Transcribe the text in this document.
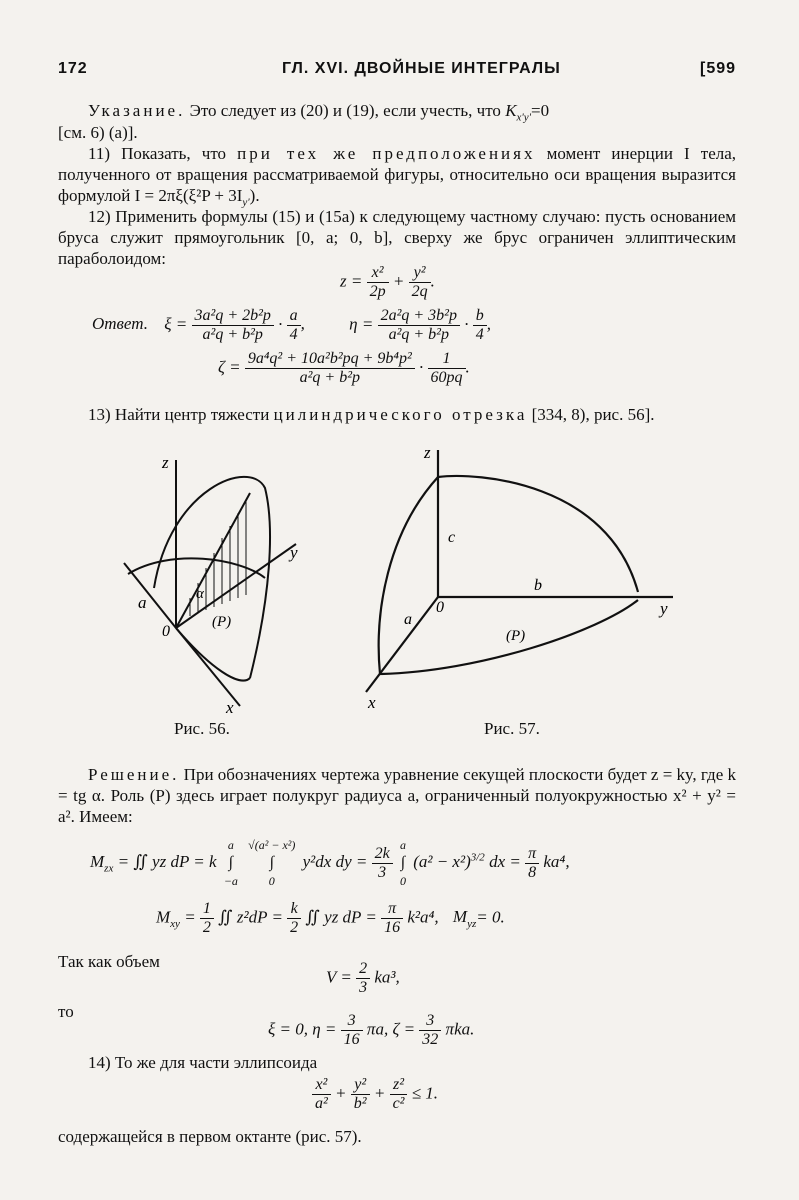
172	ГЛ. XVI. ДВОЙНЫЕ ИНТЕГРАЛЫ	[599

Указание. Это следует из (20) и (19), если учесть, что $K_{x'y'}=0$

[см. 6) (а)].

11) Показать, что при тех же предположениях момент инерции I тела, полученного от вращения рассматриваемой фигуры, относительно оси вращения выразится формулой $I = 2\pi\xi(\xi^2P + 3I_{y'})$.

12) Применить формулы (15) и (15a) к следующему частному случаю: пусть основанием бруса служит прямоугольник [0, a; 0, b], сверху же брус ограничен эллиптическим параболоидом:
$z = \frac{\text{x²}}{2p} + \frac{\text{y²}}{2q}$ .
Ответ. $\xi = \frac{\text{3a²q + 2b²p}}{\text{a²q + b²p}} \cdot \frac{a}{4}$ ,	$\eta = \frac{\text{2a²q + 3b²p}}{\text{a²q + b²p}} \cdot \frac{b}{4}$ ,
$\zeta = \frac{\text{9a⁴q² + 10a²b²pq + 9b⁴p²}}{\text{a²q + b²p}} \cdot \frac{1}{60pq}$ .

13) Найти центр тяжести цилиндрического отрезка [334, 8), рис. 56].

z
y
x
a
0
α
(P)
Рис. 56.
z
y
x
c
b
a
0
(P)
Рис. 57.

Решение. При обозначениях чертежа уравнение секущей плоскости будет z = ky, где k = tg α. Роль (P) здесь играет полукруг радиуса a, ограниченный полуокружностью x² + y² = a². Имеем:

$M_{zx}$ = ∬ yz dP = k
a
∫
−a

√(a² − x²)
∫
0
y²dx dy = $\frac{2k}{3}$
a
∫
0
$(a^2 - x^2)^{3/2}$ dx = $\frac{\pi}{8} ka^4$,
$M_{xy} = \frac{1}{2}$ ∬ $z^2dP = \frac{k}{2}$ ∬ yz dP = $\frac{\pi}{16} k^2a^4$, $M_{yz}= 0$.
Так как объем
$V = \frac{2}{3} ka^3$,
то
ξ = 0, $\eta = \frac{3}{16} \pi a$, $\zeta = \frac{3}{32} \pi ka$.
14) То же для части эллипсоида
$\frac{\text{x²}}{\text{a²}} + \frac{\text{y²}}{\text{b²}} + \frac{\text{z²}}{\text{c²}} \le 1$.
содержащейся в первом октанте (рис. 57).
